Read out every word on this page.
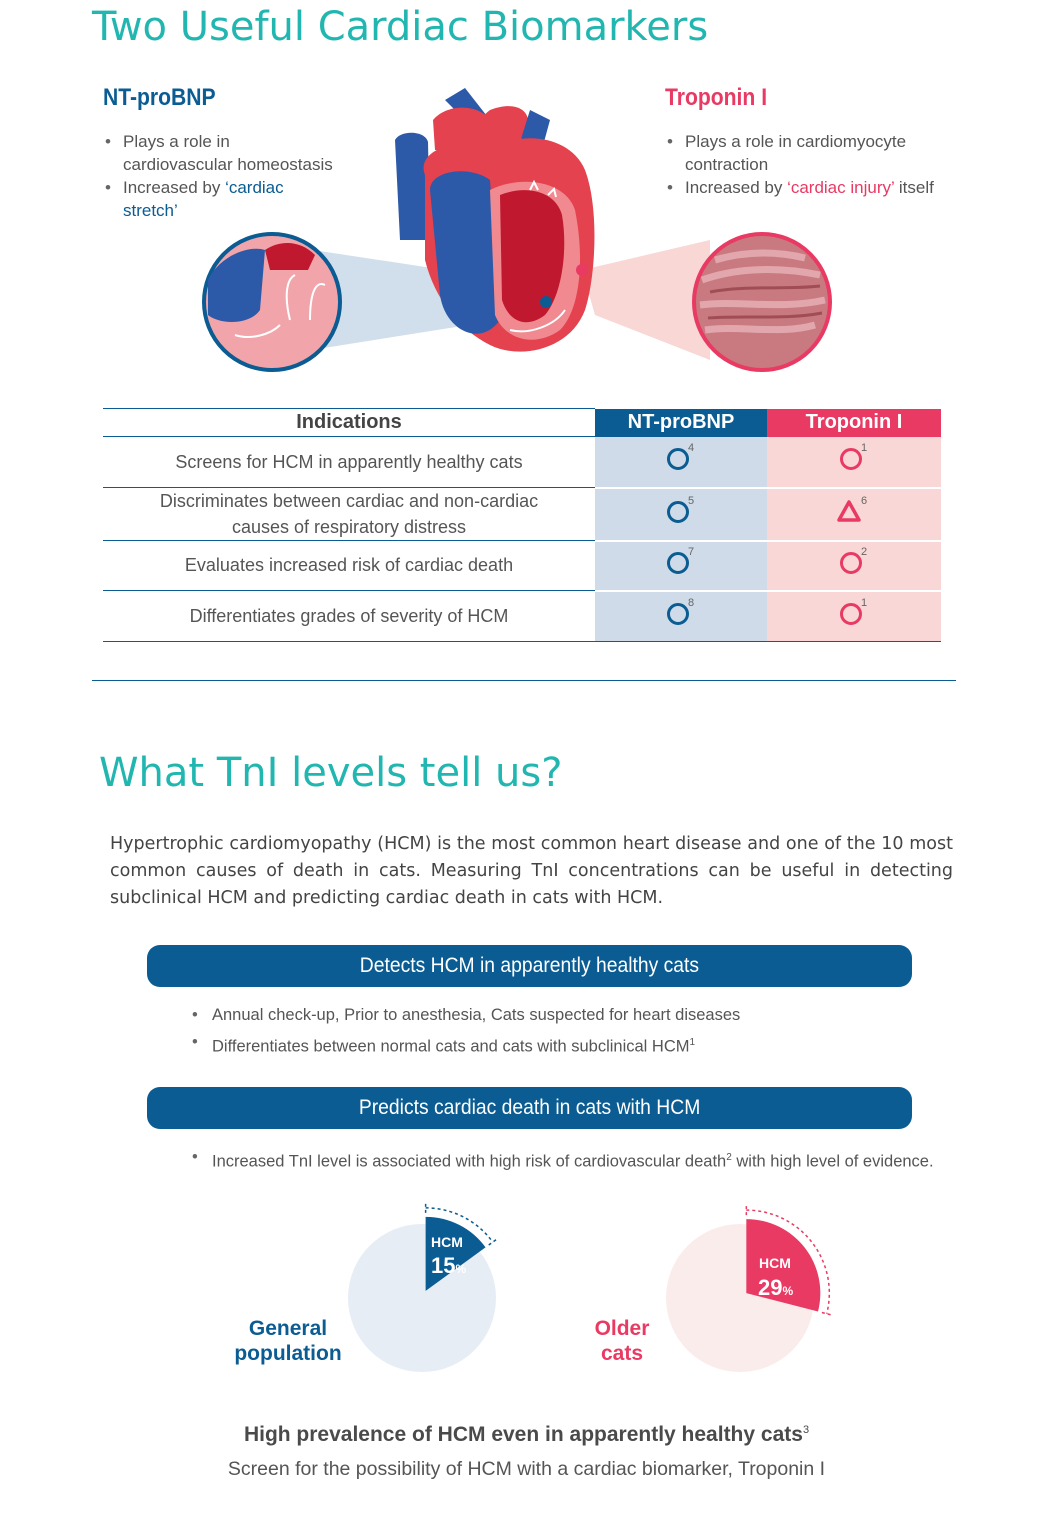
Two Useful Cardiac Biomarkers
NT-proBNP
• Plays a role in cardiovascular homeostasis
• Increased by ‘cardiac stretch’
Troponin I
• Plays a role in cardiomyocyte contraction
• Increased by ‘cardiac injury’ itself
Indications	NT-proBNP	Troponin I
Screens for HCM in apparently healthy cats	4	1

Discriminates between cardiac and non-cardiac
causes of respiratory distress	5	6

Evaluates increased risk of cardiac death	7	2

Differentiates grades of severity of HCM	8	1
What TnI levels tell us?
Hypertrophic cardiomyopathy (HCM) is the most common heart disease and one of the 10 most common causes of death in cats. Measuring TnI concentrations can be useful in detecting subclinical HCM and predicting cardiac death in cats with HCM.
Detects HCM in apparently healthy cats
• Annual check-up, Prior to anesthesia, Cats suspected for heart diseases
• Differentiates between normal cats and cats with subclinical HCM$^1$
Predicts cardiac death in cats with HCM
• Increased TnI level is associated with high risk of cardiovascular death$^2$ with high level of evidence.
General
population
Older
cats
HCM
15%	HCM
29%
High prevalence of HCM even in apparently healthy cats$^3$
Screen for the possibility of HCM with a cardiac biomarker, Troponin I
